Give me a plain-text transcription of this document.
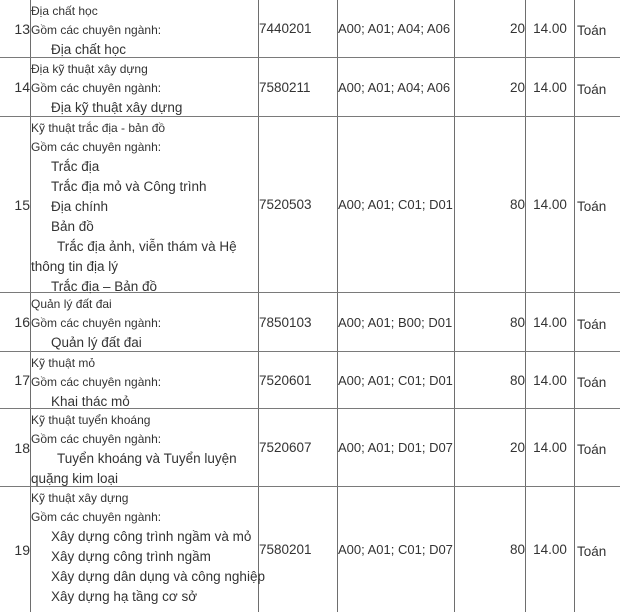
13
Địa chất học
Gồm các chuyên ngành:
Địa chất học
7440201	A00; A01; A04; A06	20 14.00 Toán
14
Địa kỹ thuật xây dựng
Gồm các chuyên ngành:
Địa kỹ thuật xây dựng
7580211	A00; A01; A04; A06	20 14.00 Toán
15
Kỹ thuật trắc địa - bản đồ
Gồm các chuyên ngành:
Trắc địa
Trắc địa mỏ và Công trình
Địa chính
Bản đồ
Trắc địa ảnh, viễn thám và Hệ thông tin địa lý
Trắc địa – Bản đồ
7520503	A00; A01; C01; D01	80 14.00 Toán
16
Quản lý đất đai
Gồm các chuyên ngành:
Quản lý đất đai
7850103	A00; A01; B00; D01	80 14.00 Toán
17
Kỹ thuật mỏ
Gồm các chuyên ngành:
Khai thác mỏ
7520601	A00; A01; C01; D01	80 14.00 Toán
18
Kỹ thuật tuyển khoáng
Gồm các chuyên ngành:
Tuyển khoáng và Tuyển luyện quặng kim loại
7520607	A00; A01; D01; D07	20 14.00 Toán
19
Kỹ thuật xây dựng
Gồm các chuyên ngành:
Xây dựng công trình ngầm và mỏ
Xây dựng công trình ngầm
Xây dựng dân dụng và công nghiệp
Xây dựng hạ tầng cơ sở
7580201	A00; A01; C01; D07	80 14.00 Toán
